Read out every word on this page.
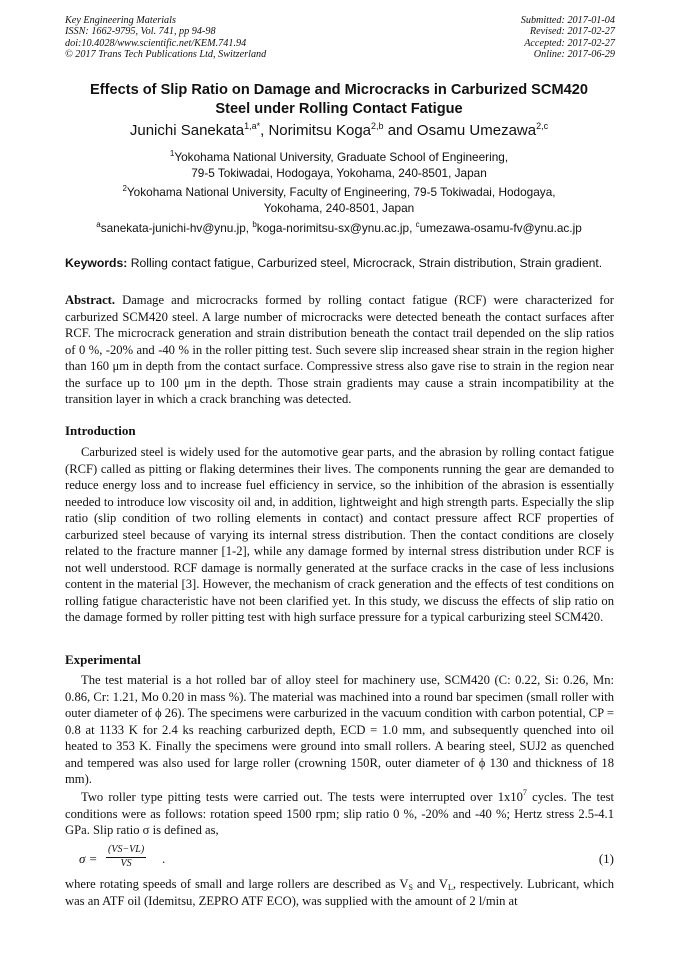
Key Engineering Materials
ISSN: 1662-9795, Vol. 741, pp 94-98
doi:10.4028/www.scientific.net/KEM.741.94
© 2017 Trans Tech Publications Ltd, Switzerland
Submitted: 2017-01-04
Revised: 2017-02-27
Accepted: 2017-02-27
Online: 2017-06-29
Effects of Slip Ratio on Damage and Microcracks in Carburized SCM420
Steel under Rolling Contact Fatigue
Junichi Sanekata$^{1,a*}$, Norimitsu Koga$^{2,b}$ and Osamu Umezawa$^{2,c}$
$^1$Yokohama National University, Graduate School of Engineering,
79-5 Tokiwadai, Hodogaya, Yokohama, 240-8501, Japan
$^2$Yokohama National University, Faculty of Engineering, 79-5 Tokiwadai, Hodogaya,
Yokohama, 240-8501, Japan
$^a$sanekata-junichi-hv@ynu.jp, $^b$koga-norimitsu-sx@ynu.ac.jp, $^c$umezawa-osamu-fv@ynu.ac.jp
Keywords: Rolling contact fatigue, Carburized steel, Microcrack, Strain distribution, Strain gradient.

Abstract. Damage and microcracks formed by rolling contact fatigue (RCF) were characterized for carburized SCM420 steel. A large number of microcracks were detected beneath the contact surfaces after RCF. The microcrack generation and strain distribution beneath the contact trail depended on the slip ratios of 0 %, -20% and -40 % in the roller pitting test. Such severe slip increased shear strain in the region higher than 160 μm in depth from the contact surface. Compressive stress also gave rise to strain in the region near the surface up to 100 μm in the depth. Those strain gradients may cause a strain incompatibility at the transition layer in which a crack branching was detected.

Introduction

Carburized steel is widely used for the automotive gear parts, and the abrasion by rolling contact fatigue (RCF) called as pitting or flaking determines their lives. The components running the gear are demanded to reduce energy loss and to increase fuel efficiency in service, so the inhibition of the abrasion is essentially needed to introduce low viscosity oil and, in addition, lightweight and high strength parts. Especially the slip ratio (slip condition of two rolling elements in contact) and contact pressure affect RCF properties of carburized steel because of varying its internal stress distribution. Then the contact conditions are closely related to the fracture manner [1-2], while any damage formed by internal stress distribution under RCF is not well understood. RCF damage is normally generated at the surface cracks in the case of less inclusions content in the material [3]. However, the mechanism of crack generation and the effects of test conditions on rolling fatigue characteristic have not been clarified yet. In this study, we discuss the effects of slip ratio on the damage formed by roller pitting test with high surface pressure for a typical carburizing steel SCM420.

Experimental

The test material is a hot rolled bar of alloy steel for machinery use, SCM420 (C: 0.22, Si: 0.26, Mn: 0.86, Cr: 1.21, Mo 0.20 in mass %). The material was machined into a round bar specimen (small roller with outer diameter of ϕ 26). The specimens were carburized in the vacuum condition with carbon potential, CP = 0.8 at 1133 K for 2.4 ks reaching carburized depth, ECD = 1.0 mm, and subsequently quenched into oil heated to 353 K. Finally the specimens were ground into small rollers. A bearing steel, SUJ2 as quenched and tempered was also used for large roller (crowning 150R, outer diameter of ϕ 130 and thickness of 18 mm).

Two roller type pitting tests were carried out. The tests were interrupted over $1x10^7$ cycles. The test conditions were as follows: rotation speed 1500 rpm; slip ratio 0 %, -20% and -40 %; Hertz stress 2.5-4.1 GPa. Slip ratio σ is defined as,

$\sigma = \frac{(VS-VL)}{VS}$ .	(1)

where rotating speeds of small and large rollers are described as $V_S$ and $V_L$, respectively. Lubricant, which was an ATF oil (Idemitsu, ZEPRO ATF ECO), was supplied with the amount of 2 l/min at
